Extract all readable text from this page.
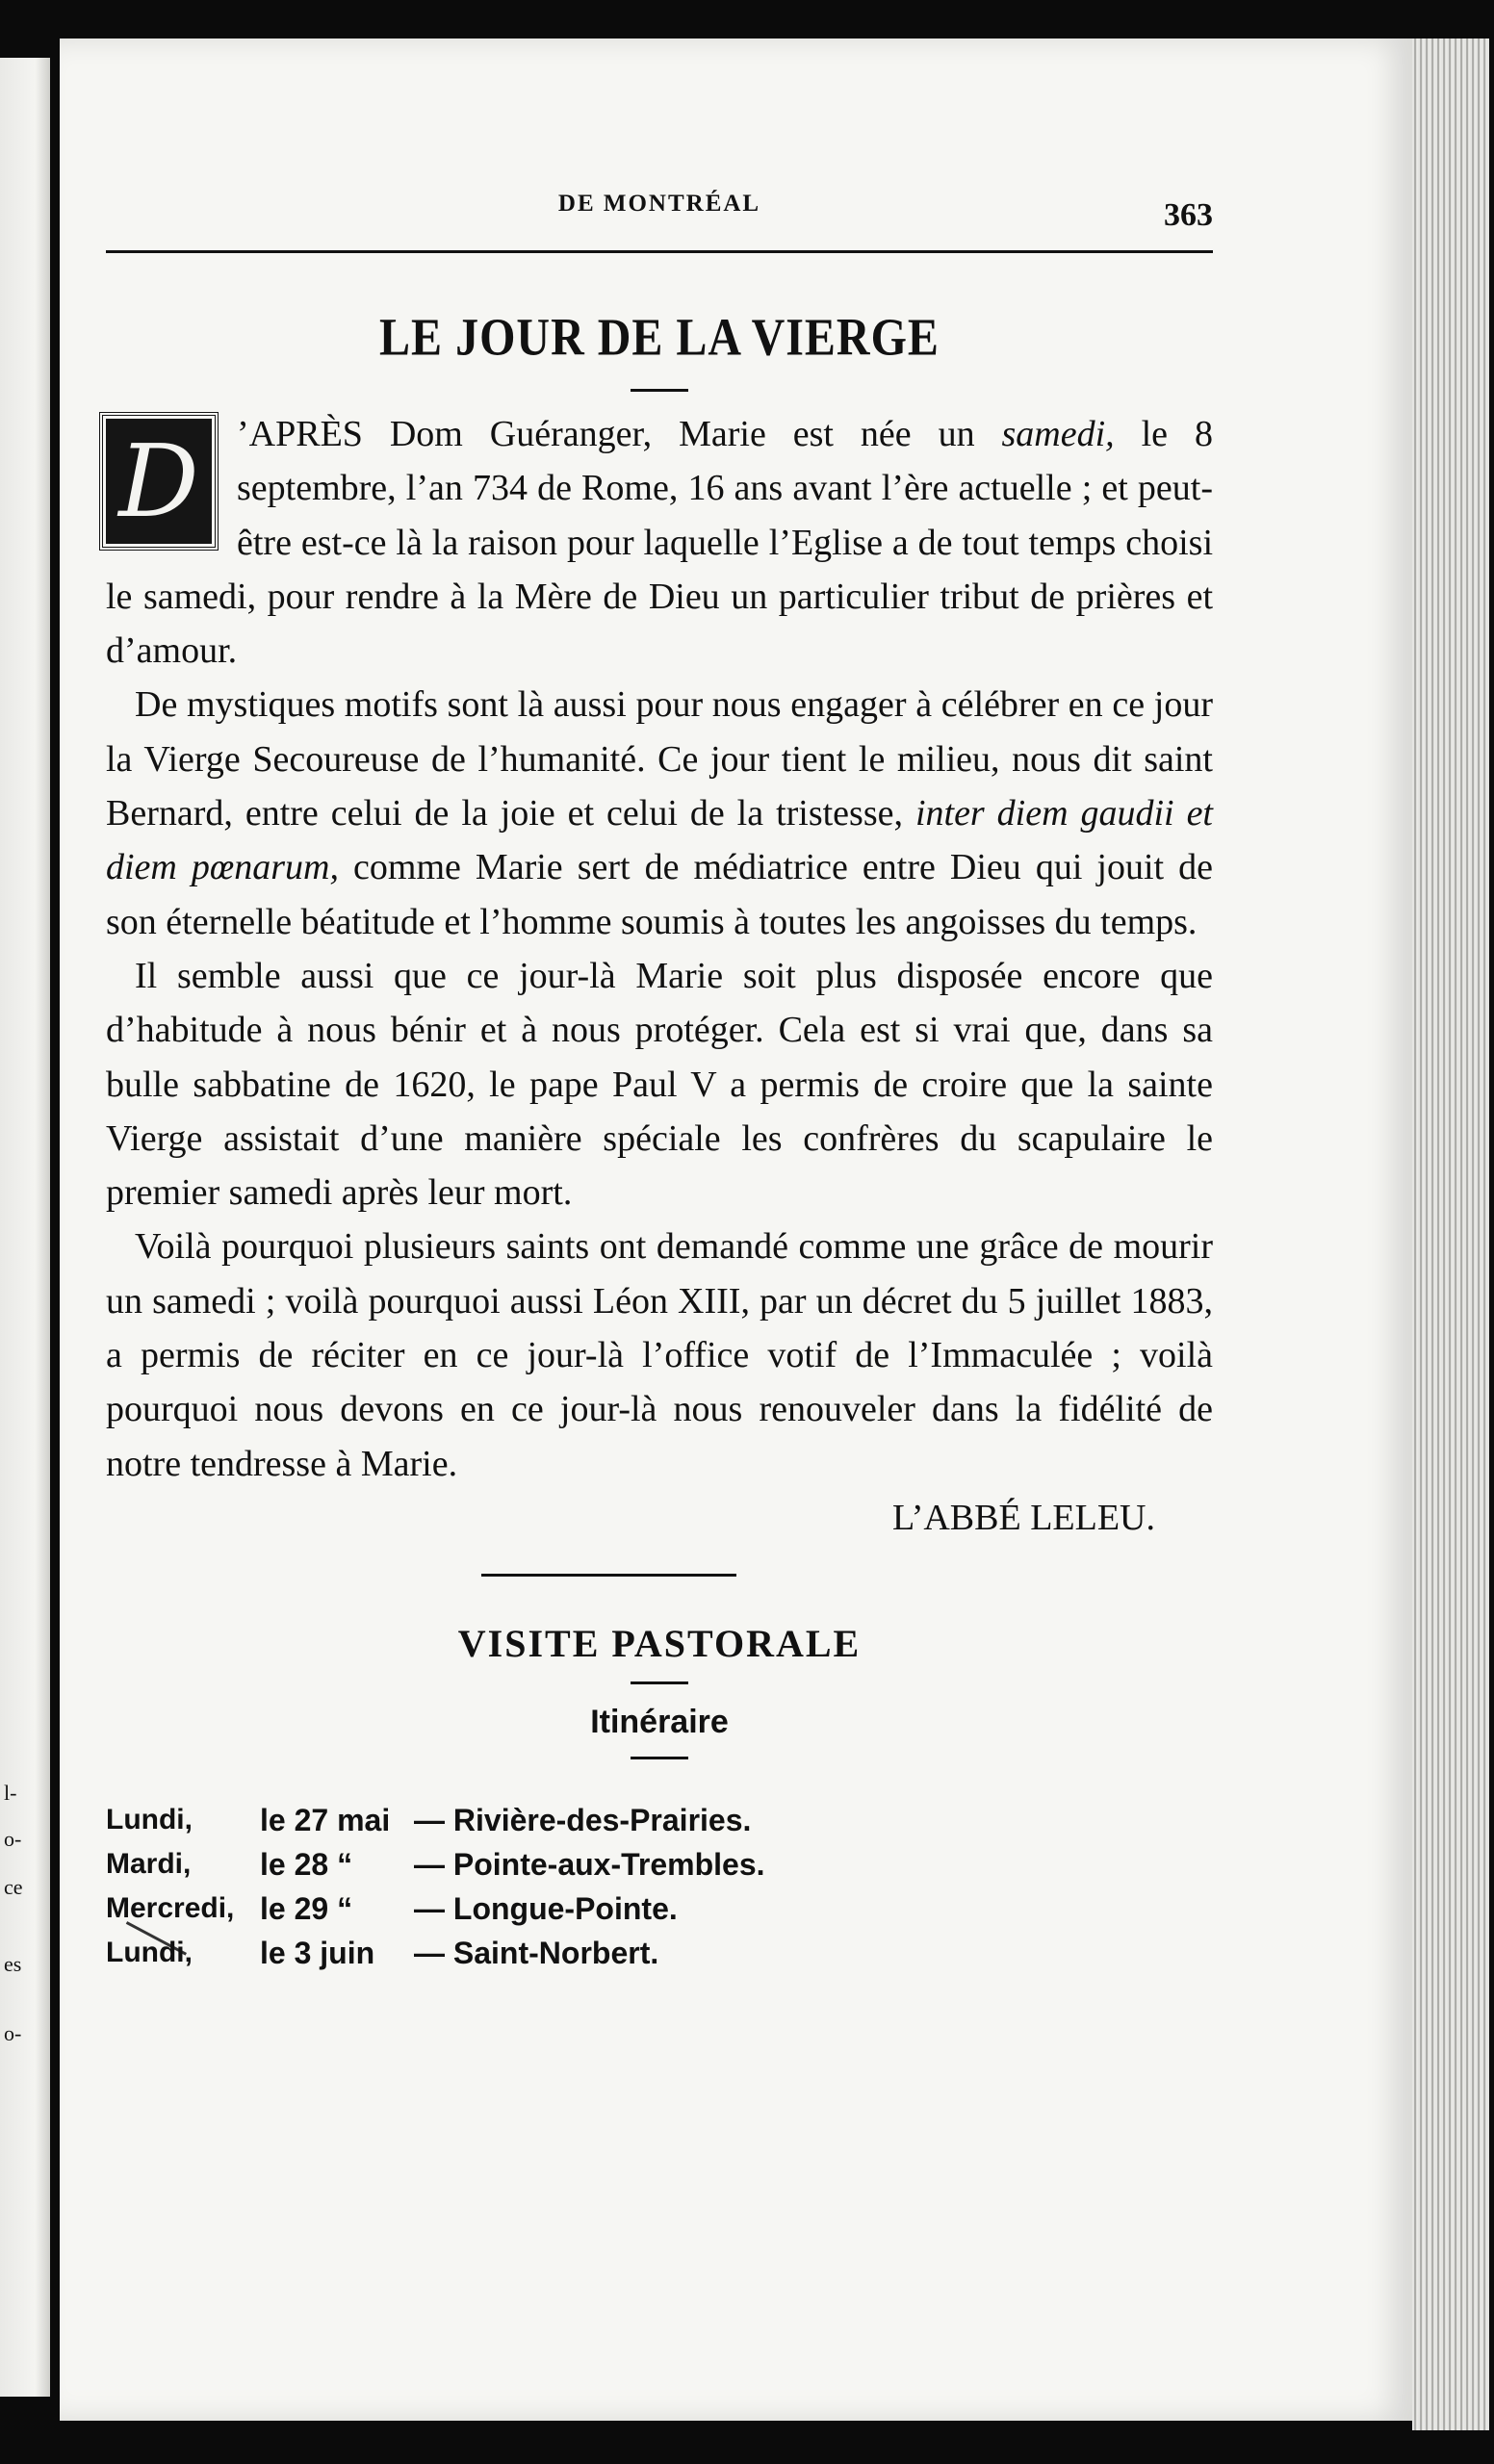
l-
o-
ce
es
o-
DE MONTRÉAL	363
LE JOUR DE LA VIERGE

D	’APRÈS Dom Guéranger, Marie est née un samedi, le 8 septembre, l’an 734 de Rome, 16 ans avant l’ère actuelle ; et peut-être est-ce là la raison pour laquelle l’Eglise a de tout temps choisi le samedi, pour rendre à la Mère de Dieu un particulier tribut de prières et d’amour.

De mystiques motifs sont là aussi pour nous engager à célébrer en ce jour la Vierge Secoureuse de l’humanité. Ce jour tient le milieu, nous dit saint Bernard, entre celui de la joie et celui de la tristesse, inter diem gaudii et diem pœnarum, comme Marie sert de médiatrice entre Dieu qui jouit de son éternelle béatitude et l’homme soumis à toutes les angoisses du temps.

Il semble aussi que ce jour-là Marie soit plus disposée encore que d’habitude à nous bénir et à nous protéger. Cela est si vrai que, dans sa bulle sabbatine de 1620, le pape Paul V a permis de croire que la sainte Vierge assistait d’une manière spéciale les confrères du scapulaire le premier samedi après leur mort.

Voilà pourquoi plusieurs saints ont demandé comme une grâce de mourir un samedi ; voilà pourquoi aussi Léon XIII, par un décret du 5 juillet 1883, a permis de réciter en ce jour-là l’office votif de l’Immaculée ; voilà pourquoi nous devons en ce jour-là nous renouveler dans la fidélité de notre tendresse à Marie.

L’ABBÉ LELEU.
VISITE PASTORALE
Itinéraire
Lundi,	le 27 mai — Rivière-des-Prairies.
Mardi,	le 28 “	— Pointe-aux-Trembles.
Mercredi, le 29 “	— Longue-Pointe.
Lundi,	le 3 juin	— Saint-Norbert.
